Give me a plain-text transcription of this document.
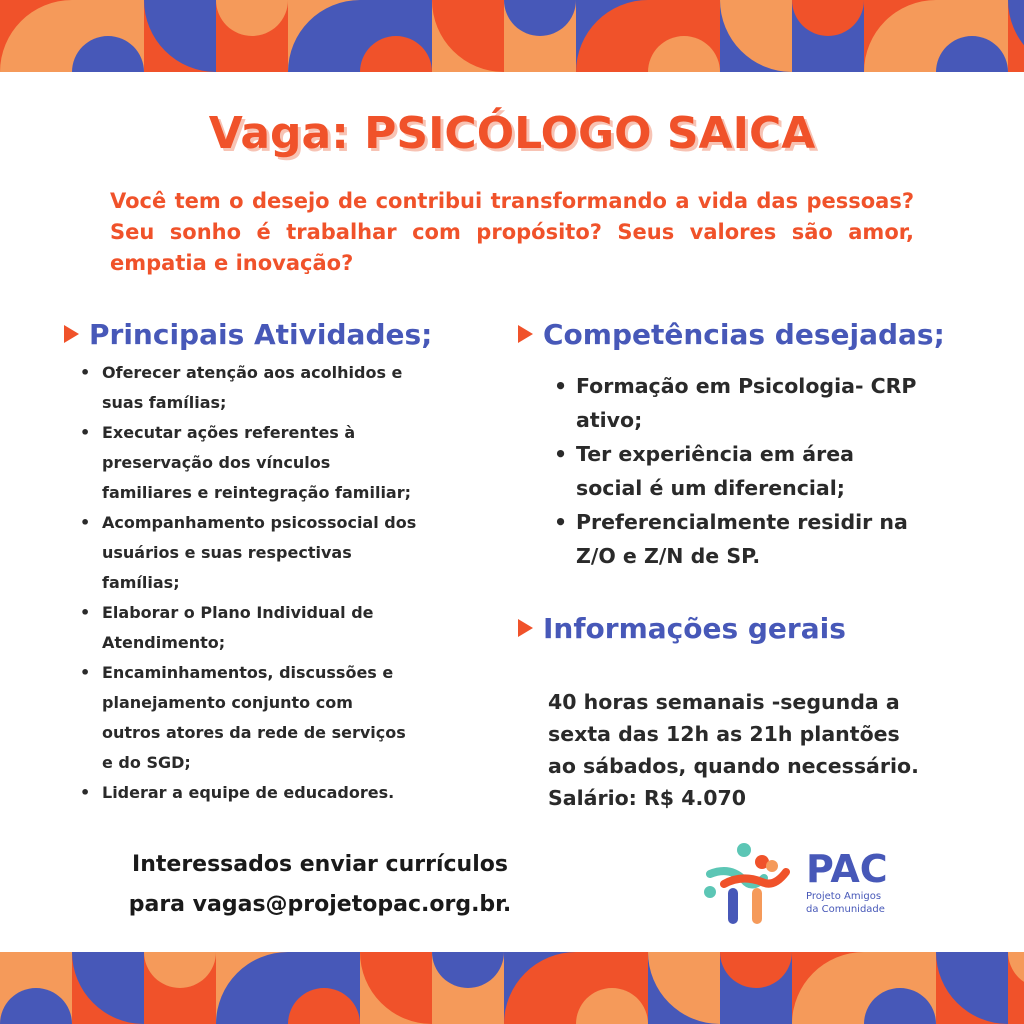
Vaga: PSICÓLOGO SAICA

Você tem o desejo de contribui transformando a vida das pessoas? Seu sonho é trabalhar com propósito? Seus valores são amor, empatia e inovação?

Principais Atividades;
• Oferecer atenção aos acolhidos e
suas famílias;
• Executar ações referentes à
preservação dos vínculos
familiares e reintegração familiar;
• Acompanhamento psicossocial dos
usuários e suas respectivas
famílias;
• Elaborar o Plano Individual de
Atendimento;
• Encaminhamentos, discussões e
planejamento conjunto com
outros atores da rede de serviços
e do SGD;
• Liderar a equipe de educadores.
Competências desejadas;
• Formação em Psicologia- CRP
ativo;
• Ter experiência em área
social é um diferencial;
• Preferencialmente residir na
Z/O e Z/N de SP.
Informações gerais
40 horas semanais -segunda a
sexta das 12h as 21h plantões
ao sábados, quando necessário.
Salário: R$ 4.070
Interessados enviar currículos
para vagas@projetopac.org.br.
PAC
Projeto Amigos
da Comunidade
